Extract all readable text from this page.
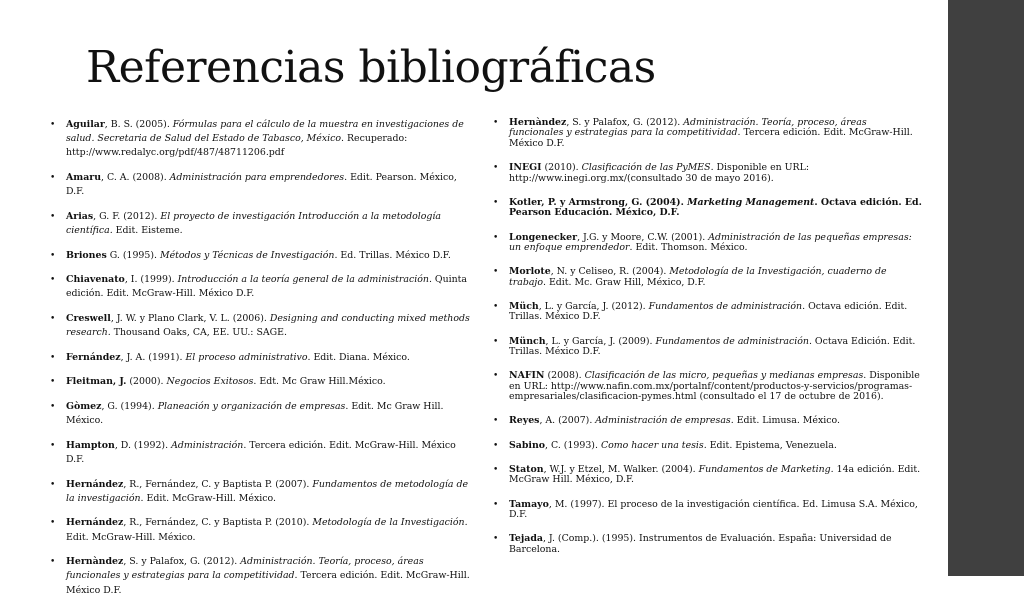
Referencias bibliográficas
• Aguilar, B. S. (2005). Fórmulas para el cálculo de la muestra en investigaciones de salud. Secretaria de Salud del Estado de Tabasco, México. Recuperado: http://www.redalyc.org/pdf/487/48711206.pdf
• Amaru, C. A. (2008). Administración para emprendedores. Edit. Pearson. México, D.F.
• Arias, G. F. (2012). El proyecto de investigación Introducción a la metodología científica. Edit. Eisteme.
• Briones G. (1995). Métodos y Técnicas de Investigación. Ed. Trillas. México D.F.
• Chiavenato, I. (1999). Introducción a la teoría general de la administración. Quinta edición. Edit. McGraw-Hill. México D.F.
• Creswell, J. W. y Plano Clark, V. L. (2006). Designing and conducting mixed methods research. Thousand Oaks, CA, EE. UU.: SAGE.
• Fernández, J. A. (1991). El proceso administrativo. Edit. Diana. México.
• Fleitman, J. (2000). Negocios Exitosos. Edt. Mc Graw Hill.México.
• Gòmez, G. (1994). Planeación y organización de empresas. Edit. Mc Graw Hill. México.
• Hampton, D. (1992). Administración. Tercera edición. Edit. McGraw-Hill. México D.F.
• Hernández, R., Fernández, C. y Baptista P. (2007). Fundamentos de metodología de la investigación. Edit. McGraw-Hill. México.
• Hernández, R., Fernández, C. y Baptista P. (2010). Metodología de la Investigación. Edit. McGraw-Hill. México.
• Hernàndez, S. y Palafox, G. (2012). Administración. Teoría, proceso, áreas funcionales y estrategias para la competitividad. Tercera edición. Edit. McGraw-Hill. México D.F.
• Hernàndez, S. y Palafox, G. (2012). Administración. Teoría, proceso, áreas funcionales y estrategias para la competitividad. Tercera edición. Edit. McGraw-Hill. México D.F.
• INEGI (2010). Clasificación de las PyMES. Disponible en URL: http://www.inegi.org.mx/(consultado 30 de mayo 2016).
• Kotler, P. y Armstrong, G. (2004). Marketing Management. Octava edición. Ed. Pearson Educación. México, D.F.
• Longenecker, J.G. y Moore, C.W. (2001). Administración de las pequeñas empresas: un enfoque emprendedor. Edit. Thomson. México.
• Morlote, N. y Celiseo, R. (2004). Metodología de la Investigación, cuaderno de trabajo. Edit. Mc. Graw Hill, México, D.F.
• Müch, L. y García, J. (2012). Fundamentos de administración. Octava edición. Edit. Trillas. México D.F.
• Münch, L. y García, J. (2009). Fundamentos de administración. Octava Edición. Edit. Trillas. México D.F.
• NAFIN (2008). Clasificación de las micro, pequeñas y medianas empresas. Disponible en URL: http://www.nafin.com.mx/portalnf/content/productos-y-servicios/programas-empresariales/clasificacion-pymes.html (consultado el 17 de octubre de 2016).
• Reyes, A. (2007). Administración de empresas. Edit. Limusa. México.
• Sabino, C. (1993). Como hacer una tesis. Edit. Epistema, Venezuela.
• Staton, W.J. y Etzel, M. Walker. (2004). Fundamentos de Marketing. 14a edición. Edit. McGraw Hill. México, D.F.
• Tamayo, M. (1997). El proceso de la investigación científica. Ed. Limusa S.A. México, D.F.
• Tejada, J. (Comp.). (1995). Instrumentos de Evaluación. España: Universidad de Barcelona.
